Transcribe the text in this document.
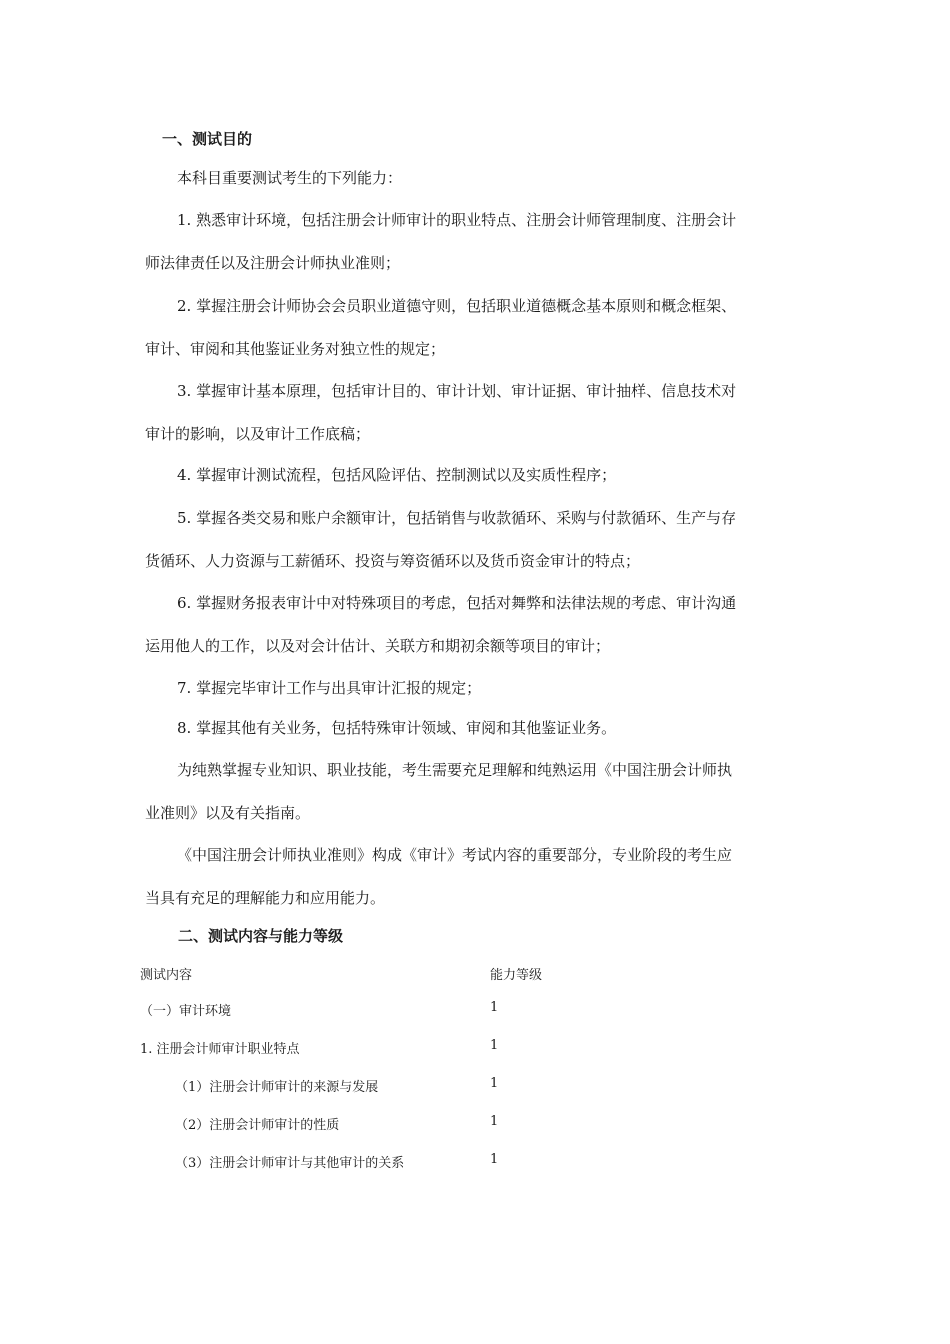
一、测试目的

本科目重要测试考生的下列能力：

1. 熟悉审计环境，包括注册会计师审计的职业特点、注册会计师管理制度、注册会计
师法律责任以及注册会计师执业准则；

2. 掌握注册会计师协会会员职业道德守则，包括职业道德概念基本原则和概念框架、
审计、审阅和其他鉴证业务对独立性的规定；

3. 掌握审计基本原理，包括审计目的、审计计划、审计证据、审计抽样、信息技术对
审计的影响，以及审计工作底稿；

4. 掌握审计测试流程，包括风险评估、控制测试以及实质性程序；

5. 掌握各类交易和账户余额审计，包括销售与收款循环、采购与付款循环、生产与存
货循环、人力资源与工薪循环、投资与筹资循环以及货币资金审计的特点；

6. 掌握财务报表审计中对特殊项目的考虑，包括对舞弊和法律法规的考虑、审计沟通
运用他人的工作，以及对会计估计、关联方和期初余额等项目的审计；

7. 掌握完毕审计工作与出具审计汇报的规定；

8. 掌握其他有关业务，包括特殊审计领域、审阅和其他鉴证业务。

为纯熟掌握专业知识、职业技能，考生需要充足理解和纯熟运用《中国注册会计师执
业准则》以及有关指南。

《中国注册会计师执业准则》构成《审计》考试内容的重要部分，专业阶段的考生应
当具有充足的理解能力和应用能力。

二、测试内容与能力等级
测试内容	能力等级
（一）审计环境	1
1. 注册会计师审计职业特点	1
（1）注册会计师审计的来源与发展	1
（2）注册会计师审计的性质	1
（3）注册会计师审计与其他审计的关系	1
